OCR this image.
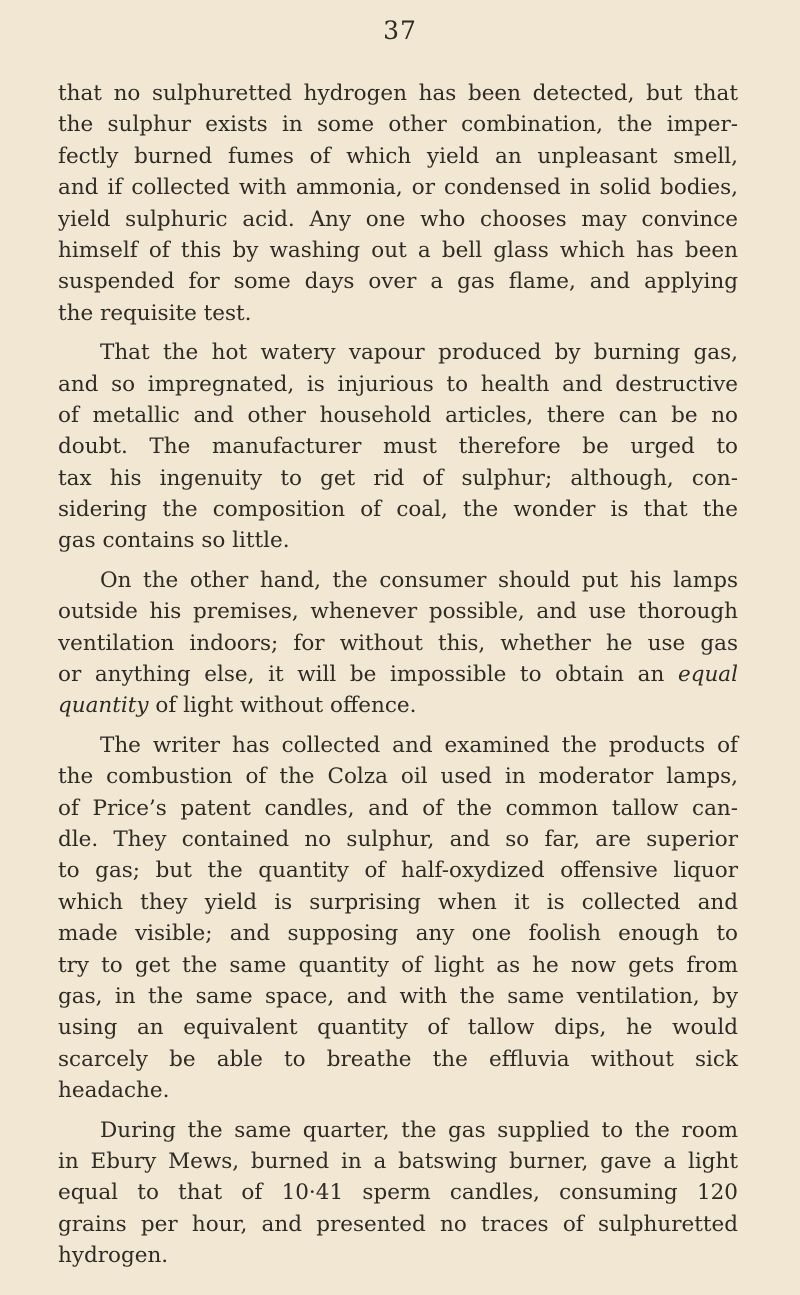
37
that no sulphuretted hydrogen has been detected, but that
the sulphur exists in some other combination, the imper-
fectly burned fumes of which yield an unpleasant smell,
and if collected with ammonia, or condensed in solid bodies,
yield sulphuric acid. Any one who chooses may convince
himself of this by washing out a bell glass which has been
suspended for some days over a gas flame, and applying
the requisite test.
That the hot watery vapour produced by burning gas,
and so impregnated, is injurious to health and destructive
of metallic and other household articles, there can be no
doubt. The manufacturer must therefore be urged to
tax his ingenuity to get rid of sulphur; although, con-
sidering the composition of coal, the wonder is that the
gas contains so little.
On the other hand, the consumer should put his lamps
outside his premises, whenever possible, and use thorough
ventilation indoors; for without this, whether he use gas
or anything else, it will be impossible to obtain an equal
quantity of light without offence.
The writer has collected and examined the products of
the combustion of the Colza oil used in moderator lamps,
of Price’s patent candles, and of the common tallow can-
dle. They contained no sulphur, and so far, are superior
to gas; but the quantity of half-oxydized offensive liquor
which they yield is surprising when it is collected and
made visible; and supposing any one foolish enough to
try to get the same quantity of light as he now gets from
gas, in the same space, and with the same ventilation, by
using an equivalent quantity of tallow dips, he would
scarcely be able to breathe the effluvia without sick
headache.
During the same quarter, the gas supplied to the room
in Ebury Mews, burned in a batswing burner, gave a light
equal to that of 10·41 sperm candles, consuming 120
grains per hour, and presented no traces of sulphuretted
hydrogen.
